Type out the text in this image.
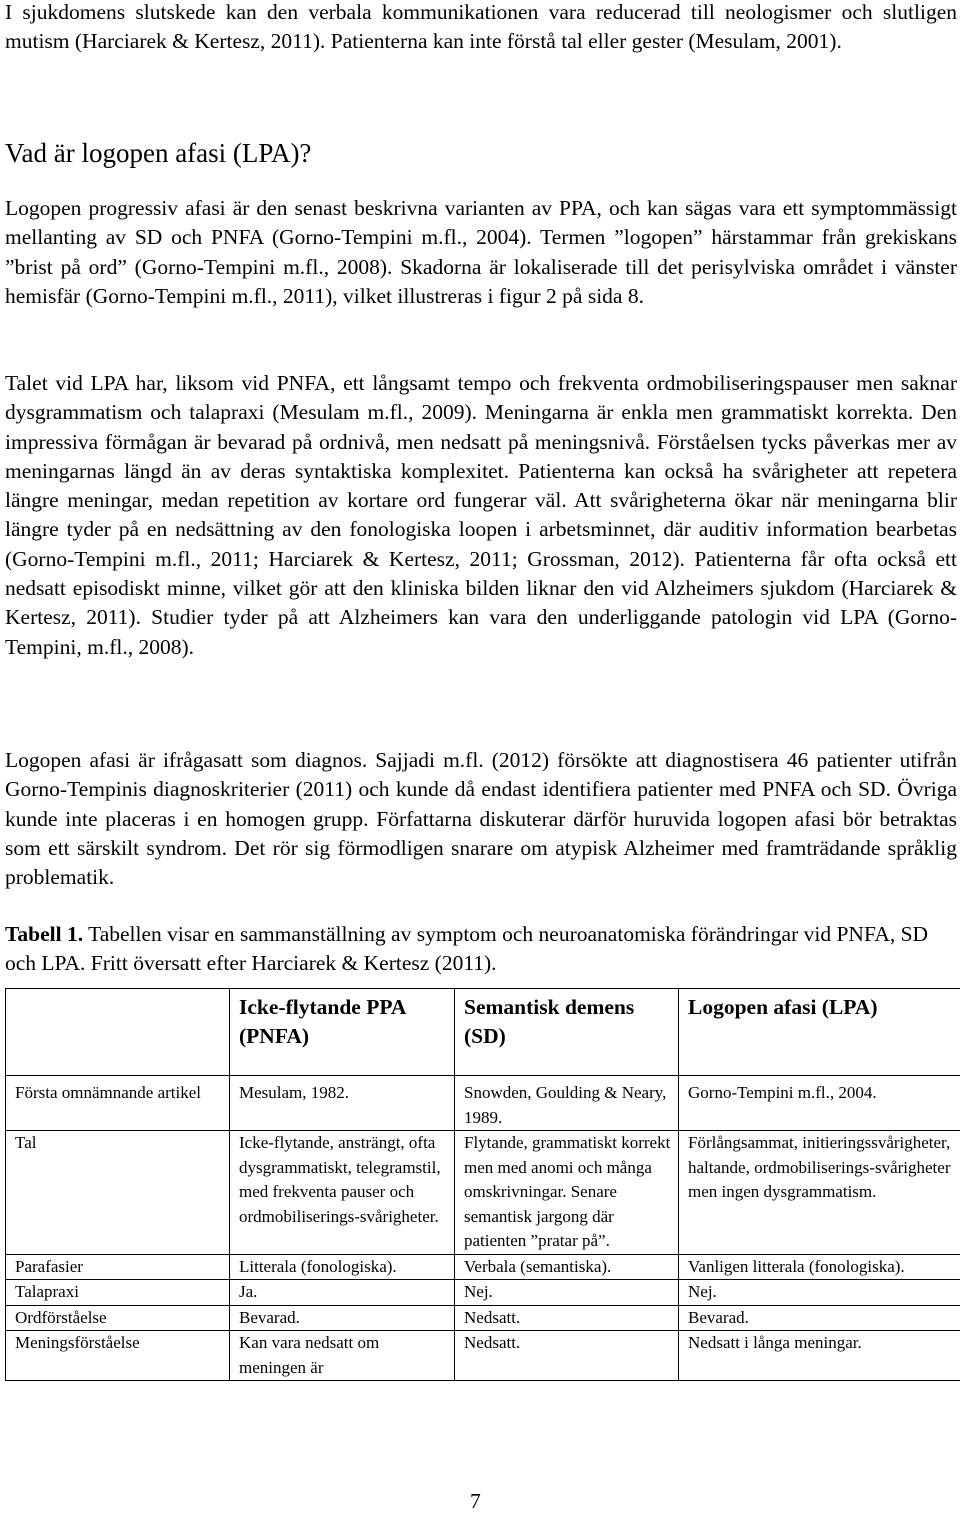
I sjukdomens slutskede kan den verbala kommunikationen vara reducerad till neologismer och slutligen mutism (Harciarek & Kertesz, 2011). Patienterna kan inte förstå tal eller gester (Mesulam, 2001).

Vad är logopen afasi (LPA)?

Logopen progressiv afasi är den senast beskrivna varianten av PPA, och kan sägas vara ett symptommässigt mellanting av SD och PNFA (Gorno-Tempini m.fl., 2004). Termen ”logopen” härstammar från grekiskans ”brist på ord” (Gorno-Tempini m.fl., 2008). Skadorna är lokaliserade till det perisylviska området i vänster hemisfär (Gorno-Tempini m.fl., 2011), vilket illustreras i figur 2 på sida 8.

Talet vid LPA har, liksom vid PNFA, ett långsamt tempo och frekventa ordmobiliseringspauser men saknar dysgrammatism och talapraxi (Mesulam m.fl., 2009). Meningarna är enkla men grammatiskt korrekta. Den impressiva förmågan är bevarad på ordnivå, men nedsatt på meningsnivå. Förståelsen tycks påverkas mer av meningarnas längd än av deras syntaktiska komplexitet. Patienterna kan också ha svårigheter att repetera längre meningar, medan repetition av kortare ord fungerar väl. Att svårigheterna ökar när meningarna blir längre tyder på en nedsättning av den fonologiska loopen i arbetsminnet, där auditiv information bearbetas (Gorno-Tempini m.fl., 2011; Harciarek & Kertesz, 2011; Grossman, 2012). Patienterna får ofta också ett nedsatt episodiskt minne, vilket gör att den kliniska bilden liknar den vid Alzheimers sjukdom (Harciarek & Kertesz, 2011). Studier tyder på att Alzheimers kan vara den underliggande patologin vid LPA (Gorno-Tempini, m.fl., 2008).

Logopen afasi är ifrågasatt som diagnos. Sajjadi m.fl. (2012) försökte att diagnostisera 46 patienter utifrån Gorno-Tempinis diagnoskriterier (2011) och kunde då endast identifiera patienter med PNFA och SD. Övriga kunde inte placeras i en homogen grupp. Författarna diskuterar därför huruvida logopen afasi bör betraktas som ett särskilt syndrom. Det rör sig förmodligen snarare om atypisk Alzheimer med framträdande språklig problematik.

Tabell 1. Tabellen visar en sammanställning av symptom och neuroanatomiska förändringar vid PNFA, SD och LPA. Fritt översatt efter Harciarek & Kertesz (2011).

	Icke-flytande PPA (PNFA)	Semantisk demens (SD)	Logopen afasi (LPA)
Första omnämnande artikel	Mesulam, 1982.	Snowden, Goulding & Neary, 1989.	Gorno-Tempini m.fl., 2004.
Tal	Icke-flytande, ansträngt, ofta dysgrammatiskt, telegramstil, med frekventa pauser och ordmobiliserings-svårigheter.	Flytande, grammatiskt korrekt men med anomi och många omskrivningar. Senare semantisk jargong där patienten ”pratar på”.	Förlångsammat, initieringssvårigheter, haltande, ordmobiliserings-svårigheter men ingen dysgrammatism.
Parafasier	Litterala (fonologiska).	Verbala (semantiska).	Vanligen litterala (fonologiska).
Talapraxi	Ja.	Nej.	Nej.
Ordförståelse	Bevarad.	Nedsatt.	Bevarad.
Meningsförståelse	Kan vara nedsatt om meningen är	Nedsatt.	Nedsatt i långa meningar.
7
